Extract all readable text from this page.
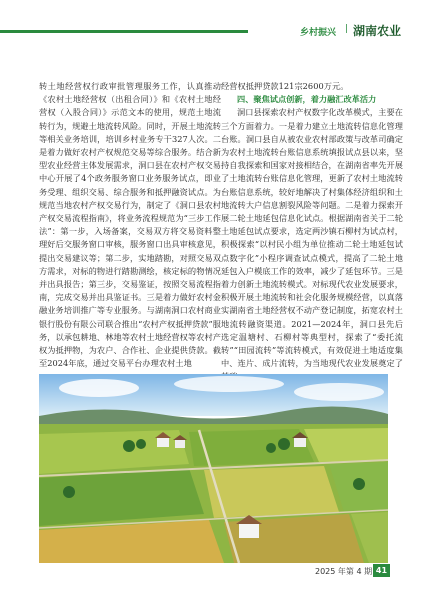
乡村振兴 | 湖南农业

转土地经营权行政审批管理服务工作，认真推动《农村土地经营权（出租合同）》和《农村土地经营权（入股合同）》示范文本的使用，规范土地流转行为，规避土地流转风险。同时，开展土地流转等相关业务培训，培训乡村业务专干327人次。二是着力做好农村产权规范交易等综合服务。结合新型农业经营主体发展需求，洞口县在农村产权交易中心开展了4个政务服务窗口业务服务试点，即业务受理、组织交易、综合服务和抵押融资试点。为规范当地农村产权交易行为，制定了《洞口县农村产权交易流程指南》，将业务流程规范为“三步工作法”：第一步，入场备案，交易双方将交易资料整理好后交服务窗口审核，服务窗口出具审核意见，提出交易建议等；第二步，实地踏勘，对照交易双方需求，对标的物进行踏勘测绘，核定标的物情况并出具报告；第三步，交易鉴证，按照交易流程指南，完成交易并出具鉴证书。三是着力做好农村金融业务培训推广等专业服务。与湖南洞口农村商业银行股份有限公司联合推出“农村产权抵押贷款”服务，以承包耕地、林地等农村土地经营权等农村产权为抵押物，为农户、合作社、企业提供贷款。截至2024年底，通过交易平台办理农村土地

经营权抵押贷款121宗2600万元。

四、聚焦试点创新，着力融汇改革活力

洞口县探索农村产权数字化改革模式，主要在三个方面着力。一是着力建立土地流转信息化管理台账。洞口县自从被农业农村部政策与改革司确定为农村土地流转台账信息系统填报试点县以来，坚持自我探索和国家对接相结合，在湖南省率先开展了土地流转台账信息化管理，更新了农村土地流转台账信息系统，较好地解决了村集体经济组织和土地流转大户信息割裂风险等问题。二是着力探索开展二轮土地延包信息化试点。根据湖南省关于二轮土地延包试点要求，选定两沙镇石柳村为试点村，积极探索“以村民小组为单位推动二轮土地延包试点数字化”小程序调查试点模式，提高了二轮土地延包入户模底工作的效率，减少了延包环节。三是着力创新土地流转模式。对标现代农业发展要求，积极开展土地流转和社会化服务规模经营，以真落实湖南省土地经营权不动产登记制度，拓宽农村土地流转融资渠道。2021—2024年，洞口县先后选定温塘村、石柳村等典型村，探索了“委托流转”“田园流转”等流转模式，有效促进土地适度集中、连片、成片流转，为当地现代农业发展奠定了

2025 年第 4 期 41
